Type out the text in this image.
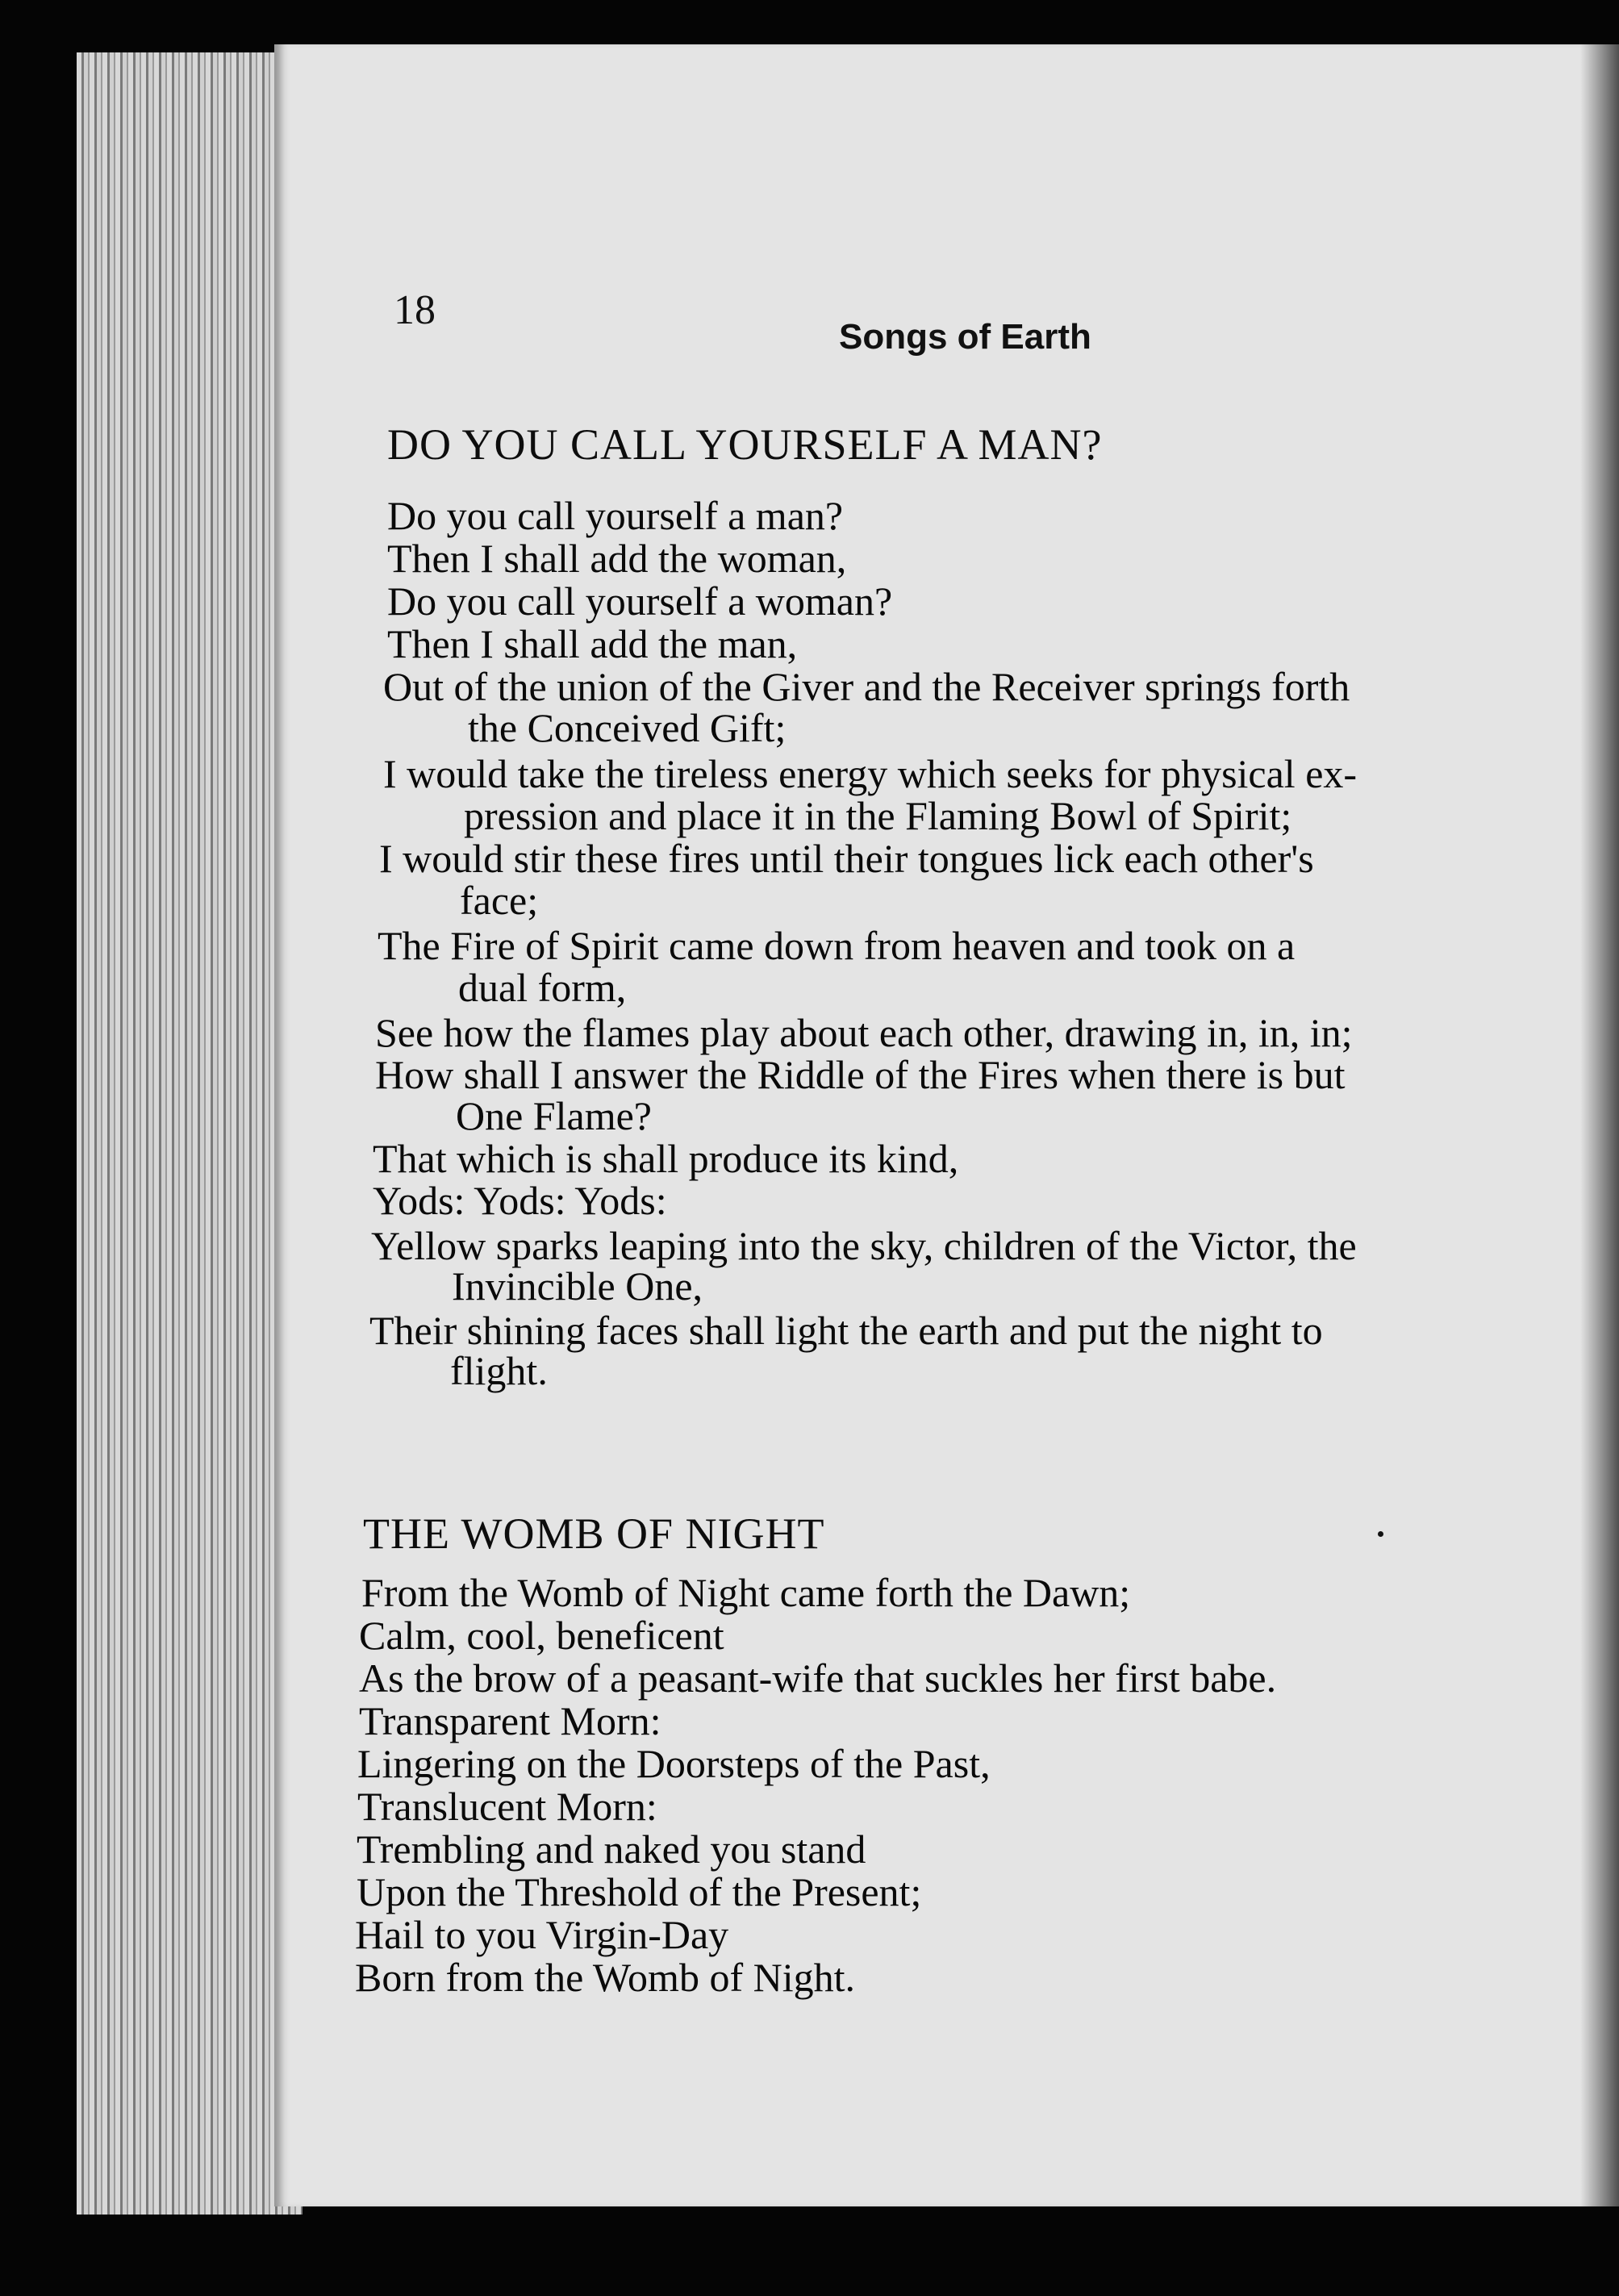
18
Songs of Earth
DO YOU CALL YOURSELF A MAN?
Do you call yourself a man?
Then I shall add the woman,
Do you call yourself a woman?
Then I shall add the man,
Out of the union of the Giver and the Receiver springs forth
the Conceived Gift;
I would take the tireless energy which seeks for physical ex-
pression and place it in the Flaming Bowl of Spirit;
I would stir these fires until their tongues lick each other's
face;
The Fire of Spirit came down from heaven and took on a
dual form,
See how the flames play about each other, drawing in, in, in;
How shall I answer the Riddle of the Fires when there is but
One Flame?
That which is shall produce its kind,
Yods: Yods: Yods:
Yellow sparks leaping into the sky, children of the Victor, the
Invincible One,
Their shining faces shall light the earth and put the night to
flight.
THE WOMB OF NIGHT
From the Womb of Night came forth the Dawn;
Calm, cool, beneficent
As the brow of a peasant-wife that suckles her first babe.
Transparent Morn:
Lingering on the Doorsteps of the Past,
Translucent Morn:
Trembling and naked you stand
Upon the Threshold of the Present;
Hail to you Virgin-Day
Born from the Womb of Night.
